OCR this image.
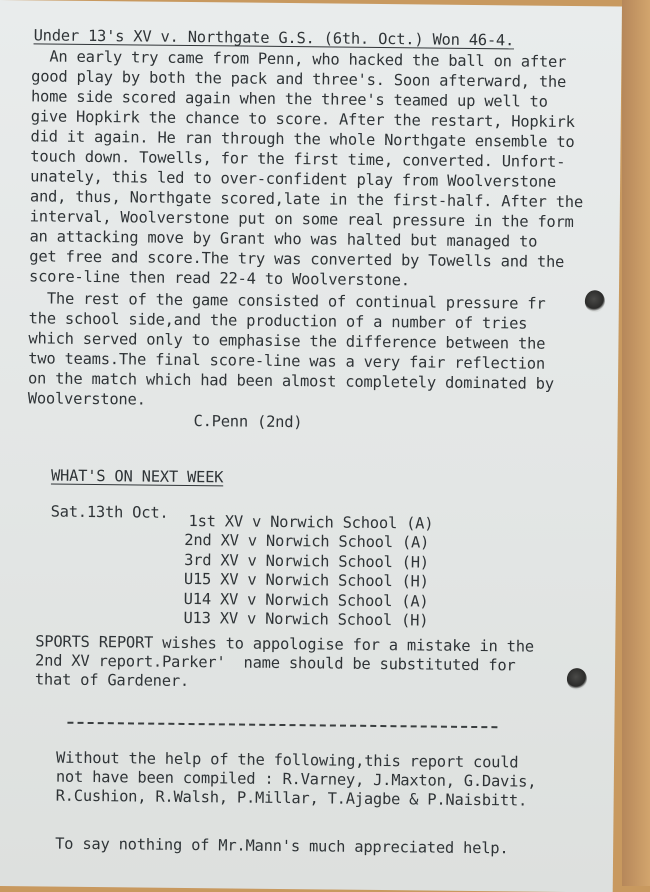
Under 13's XV v. Northgate G.S. (6th. Oct.) Won 46-4.
An early try came from Penn, who hacked the ball on after
good play by both the pack and three's. Soon afterward, the
home side scored again when the three's teamed up well to
give Hopkirk the chance to score. After the restart, Hopkirk
did it again. He ran through the whole Northgate ensemble to
touch down. Towells, for the first time, converted. Unfort-
unately, this led to over-confident play from Woolverstone
and, thus, Northgate scored,late in the first-half. After the
interval, Woolverstone put on some real pressure in the form
an attacking move by Grant who was halted but managed to
get free and score.The try was converted by Towells and the
score-line then read 22-4 to Woolverstone.
The rest of the game consisted of continual pressure fr
the school side,and the production of a number of tries
which served only to emphasise the difference between the
two teams.The final score-line was a very fair reflection
on the match which had been almost completely dominated by
Woolverstone.
C.Penn (2nd)
WHAT'S ON NEXT WEEK
Sat.13th Oct. 1st XV v Norwich School (A)
2nd XV v Norwich School (A)
3rd XV v Norwich School (H)
U15 XV v Norwich School (H)
U14 XV v Norwich School (A)
U13 XV v Norwich School (H)
SPORTS REPORT wishes to appologise for a mistake in the
2nd XV report.Parker'  name should be substituted for
that of Gardener.
Without the help of the following,this report could
not have been compiled : R.Varney, J.Maxton, G.Davis,
R.Cushion, R.Walsh, P.Millar, T.Ajagbe & P.Naisbitt.
To say nothing of Mr.Mann's much appreciated help.
